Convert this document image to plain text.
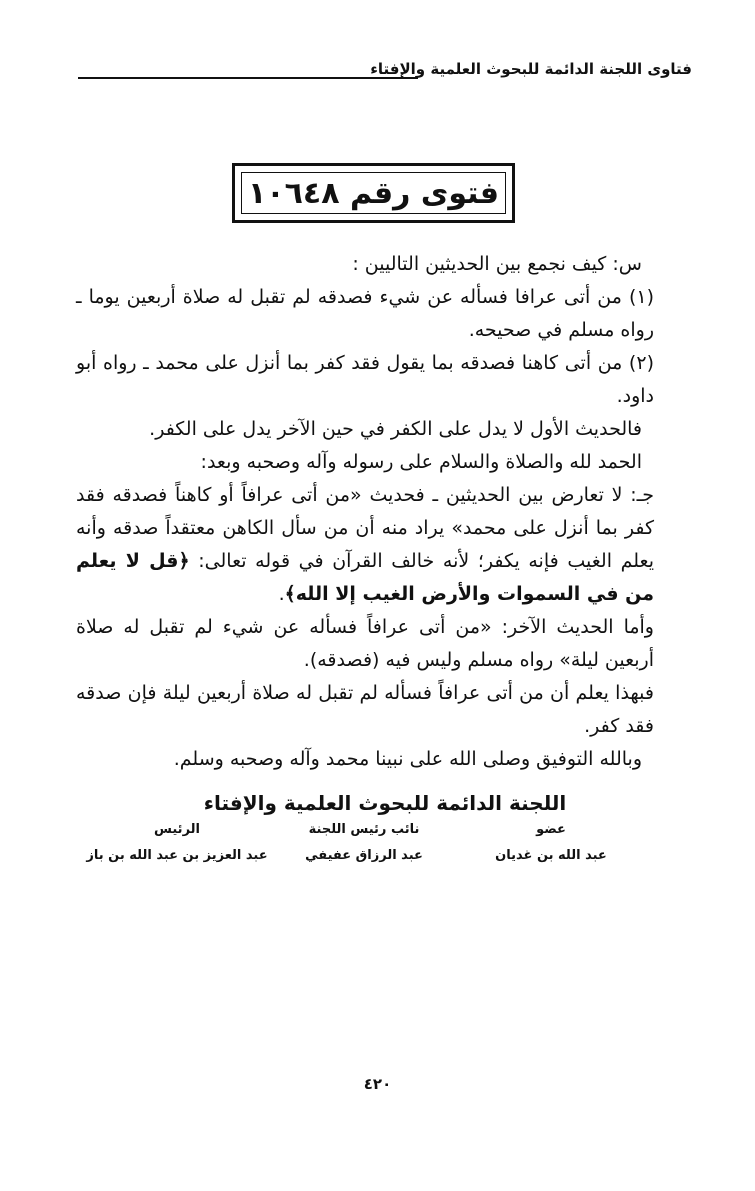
فتاوى اللجنة الدائمة للبحوث العلمية والإفتاء
فتوى رقم ١٠٦٤٨

س: كيف نجمع بين الحديثين التاليين :

(١) من أتى عرافا فسأله عن شيء فصدقه لم تقبل له صلاة أربعين يوما ـ رواه مسلم في صحيحه.

(٢) من أتى كاهنا فصدقه بما يقول فقد كفر بما أنزل على محمد ـ رواه أبو داود.

فالحديث الأول لا يدل على الكفر في حين الآخر يدل على الكفر.

الحمد لله والصلاة والسلام على رسوله وآله وصحبه وبعد:

جـ: لا تعارض بين الحديثين ـ فحديث «من أتى عرافاً أو كاهناً فصدقه فقد كفر بما أنزل على محمد» يراد منه أن من سأل الكاهن معتقداً صدقه وأنه يعلم الغيب فإنه يكفر؛ لأنه خالف القرآن في قوله تعالى: ﴿قل لا يعلم من في السموات والأرض الغيب إلا الله﴾.

وأما الحديث الآخر: «من أتى عرافاً فسأله عن شيء لم تقبل له صلاة أربعين ليلة» رواه مسلم وليس فيه (فصدقه).

فبهذا يعلم أن من أتى عرافاً فسأله لم تقبل له صلاة أربعين ليلة فإن صدقه فقد كفر.

وبالله التوفيق وصلى الله على نبينا محمد وآله وصحبه وسلم.

اللجنة الدائمة للبحوث العلمية والإفتاء
عضو
نائب رئيس اللجنة
الرئيس
عبد الله بن غديان
عبد الرزاق عفيفي
عبد العزيز بن عبد الله بن باز
٤٢٠
